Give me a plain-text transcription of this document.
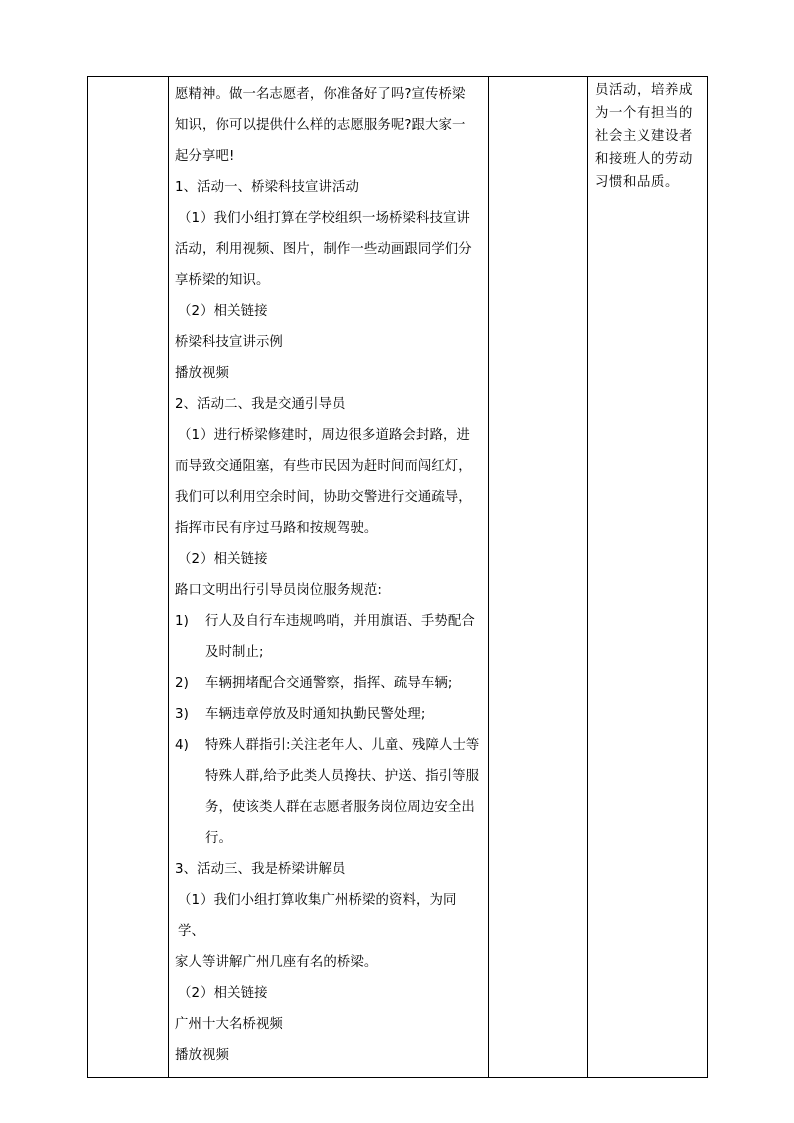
愿精神。做一名志愿者，你准备好了吗?宣传桥梁

知识，你可以提供什么样的志愿服务呢?跟大家一

起分享吧!

1、活动一、桥梁科技宣讲活动

（1）我们小组打算在学校组织一场桥梁科技宣讲

活动，利用视频、图片，制作一些动画跟同学们分

享桥梁的知识。

（2）相关链接

桥梁科技宣讲示例

播放视频

2、活动二、我是交通引导员

（1）进行桥梁修建时，周边很多道路会封路，进

而导致交通阻塞，有些市民因为赶时间而闯红灯，

我们可以利用空余时间，协助交警进行交通疏导，

指挥市民有序过马路和按规驾驶。

（2）相关链接

路口文明出行引导员岗位服务规范:

1) 行人及自行车违规鸣哨，并用旗语、手势配合

及时制止;

2) 车辆拥堵配合交通警察，指挥、疏导车辆;

3) 车辆违章停放及时通知执勤民警处理;

4) 特殊人群指引:关注老年人、儿童、残障人士等

特殊人群,给予此类人员搀扶、护送、指引等服

务，使该类人群在志愿者服务岗位周边安全出

行。

3、活动三、我是桥梁讲解员

（1）我们小组打算收集广州桥梁的资料，为同学、

家人等讲解广州几座有名的桥梁。

（2）相关链接

广州十大名桥视频

播放视频

员活动，培养成

为一个有担当的

社会主义建设者

和接班人的劳动

习惯和品质。
